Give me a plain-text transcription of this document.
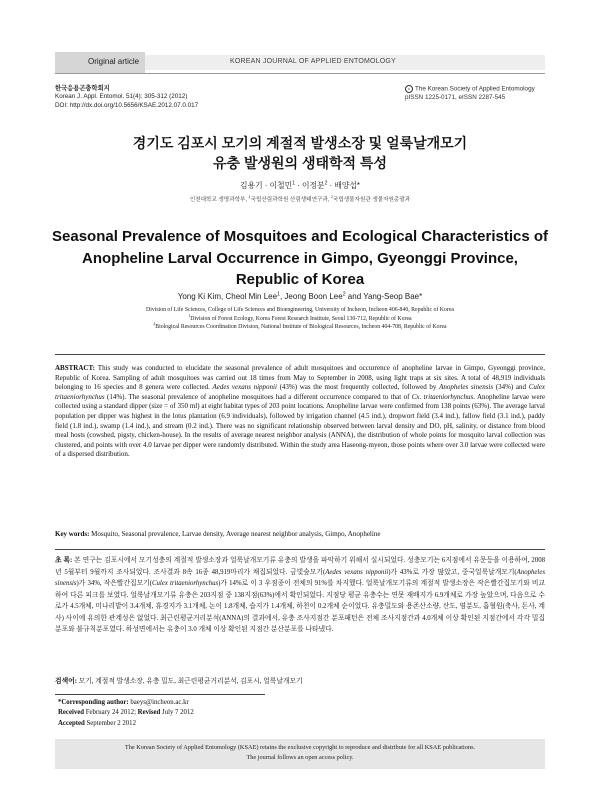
Original article	KOREAN JOURNAL OF APPLIED ENTOMOLOGY
한국응용곤충학회지
Korean J. Appl. Entomol. 51(4): 305-312 (2012)
DOI: http://dx.doi.org/10.5656/KSAE.2012.07.0.017
c The Korean Society of Applied Entomology
pISSN 1225-0171, eISSN 2287-545
경기도 김포시 모기의 계절적 발생소장 및 얼룩날개모기
유충 발생원의 생태학적 특성
김용기 · 이철민$^1$ · 이정분$^2$ · 배양섭*
인천대학교 생명과학부, $^1$국립산림과학원 산림생태연구과, $^2$국립생물자원관 생물자원총괄과
Seasonal Prevalence of Mosquitoes and Ecological Characteristics of
Anopheline Larval Occurrence in Gimpo, Gyeonggi Province,
Republic of Korea
Yong Ki Kim, Cheol Min Lee$^1$, Jeong Boon Lee$^2$ and Yang-Seop Bae*
Division of Life Sciences, College of Life Sciences and Bioengineering, University of Incheon, Incheon 406-840, Republic of Korea
$^1$Division of Forest Ecology, Korea Forest Research Institute, Seoul 130-712, Republic of Korea
$^2$Biological Resources Coordination Division, National Institute of Biological Resources, Incheon 404-708, Republic of Korea
ABSTRACT: This study was conducted to elucidate the seasonal prevalence of adult mosquitoes and occurrence of anopheline larvae in Gimpo, Gyeonggi province, Republic of Korea. Sampling of adult mosquitoes was carried out 18 times from May to September in 2008, using light traps at six sites. A total of 48,919 individuals belonging to 16 species and 8 genera were collected. Aedes vexans nipponii (43%) was the most frequently collected, followed by Anopheles sinensis (34%) and Culex tritaeniorhynchus (14%). The seasonal prevalence of anopheline mosquitoes had a different occurrence compared to that of Cx. tritaeniorhynchus. Anopheline larvae were collected using a standard dipper (size = of 350 ml) at eight habitat types of 203 point locations. Anopheline larvae were confirmed from 138 points (63%). The average larval population per dipper was highest in the lotus plantation (6.9 individuals), followed by irrigation channel (4.5 ind.), dropwort field (3.4 ind.), fallow field (3.1 ind.), paddy field (1.8 ind.), swamp (1.4 ind.), and stream (0.2 ind.). There was no significant relationship observed between larval density and DO, pH, salinity, or distance from blood meal hosts (cowshed, pigsty, chicken-house). In the results of average nearest neighbor analysis (ANNA), the distribution of whole points for mosquito larval collection was clustered, and points with over 4.0 larvae per dipper were randomly distributed. Within the study area Haseong-myeon, those points where over 3.0 larvae were collected were of a dispersed distribution.
Key words: Mosquito, Seasonal prevalence, Larvae density, Average nearest neighbor analysis, Gimpo, Anopheline
초 록: 본 연구는 김포시에서 모기성충의 계절적 발생소장과 얼룩날개모기류 유충의 발생을 파악하기 위해서 실시되었다. 성충모기는 6지점에서 유문등을 이용하여, 2008년 5월부터 9월까지 조사되었다. 조사결과 8속 16종 48,919마리가 채집되었다. 금빛숲모기(Aedes vexans nipponii)가 43%로 가장 많았고, 중국얼룩날개모기(Anopheles sinensis)가 34%, 작은빨간집모기(Culex tritaeniorhynchus)가 14%로 이 3 우점종이 전체의 91%를 차지했다. 얼룩날개모기류의 계절적 발생소장은 작은빨간집모기와 비교하여 다른 피크를 보였다. 얼룩날개모기류 유충은 203지점 중 138지점(63%)에서 확인되었다. 지점당 평균 유충수는 연못 재배지가 6.9개체로 가장 높았으며, 다음으로 수로가 4.5개체, 미나리밭이 3.4개체, 휴경지가 3.1개체, 논이 1.8개체, 습지가 1.4개체, 하천이 0.2개체 순이었다. 유충밀도와 용존산소량, 산도, 염분도, 흡혈원(축사, 돈사, 계사) 사이에 유의한 관계성은 없었다. 최근린평균거리분석(ANNA)의 결과에서, 유충 조사지점간 분포패턴은 전체 조사지점간과 4.0개체 이상 확인된 지점간에서 각각 밀집분포와 불규칙분포였다. 하성면에서는 유충이 3.0 개체 이상 확인된 지점간 분산분포를 나타냈다.
검색어: 모기, 계절적 발생소장, 유충 밀도, 최근린평균거리분석, 김포시, 얼룩날개모기
*Corresponding author: baeys@incheon.ac.kr
Received February 24 2012; Revised July 7 2012
Accepted September 2 2012
The Korean Society of Applied Entomology (KSAE) retains the exclusive copyright to reproduce and distribute for all KSAE publications.
The journal follows an open access policy.
